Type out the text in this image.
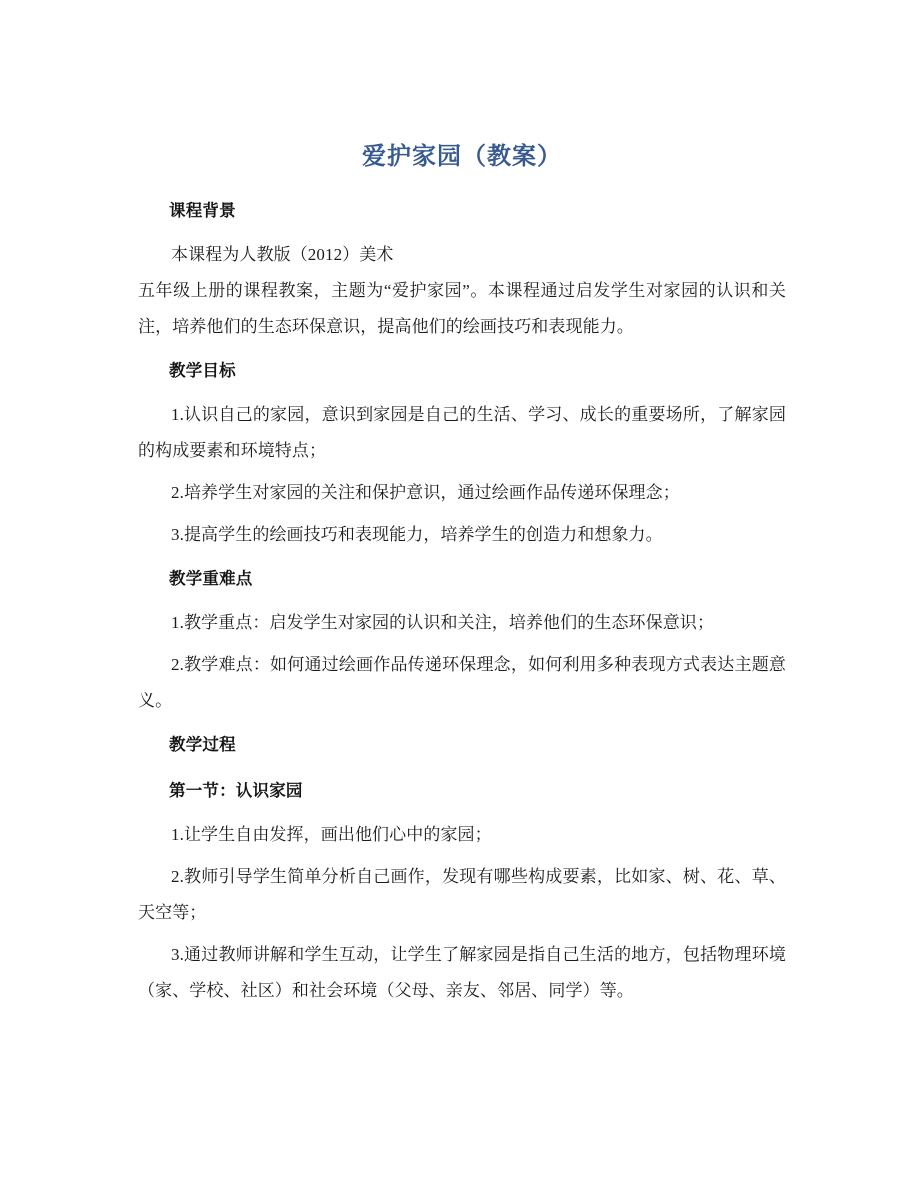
爱护家园（教案）
课程背景

本课程为人教版（2012）美术
五年级上册的课程教案，主题为“爱护家园”。本课程通过启发学生对家园的认识和关注，培养他们的生态环保意识，提高他们的绘画技巧和表现能力。

教学目标

1.认识自己的家园，意识到家园是自己的生活、学习、成长的重要场所，了解家园的构成要素和环境特点；

2.培养学生对家园的关注和保护意识，通过绘画作品传递环保理念；

3.提高学生的绘画技巧和表现能力，培养学生的创造力和想象力。

教学重难点

1.教学重点：启发学生对家园的认识和关注，培养他们的生态环保意识；

2.教学难点：如何通过绘画作品传递环保理念，如何利用多种表现方式表达主题意义。

教学过程
第一节：认识家园

1.让学生自由发挥，画出他们心中的家园；

2.教师引导学生简单分析自己画作，发现有哪些构成要素，比如家、树、花、草、天空等；

3.通过教师讲解和学生互动，让学生了解家园是指自己生活的地方，包括物理环境（家、学校、社区）和社会环境（父母、亲友、邻居、同学）等。
